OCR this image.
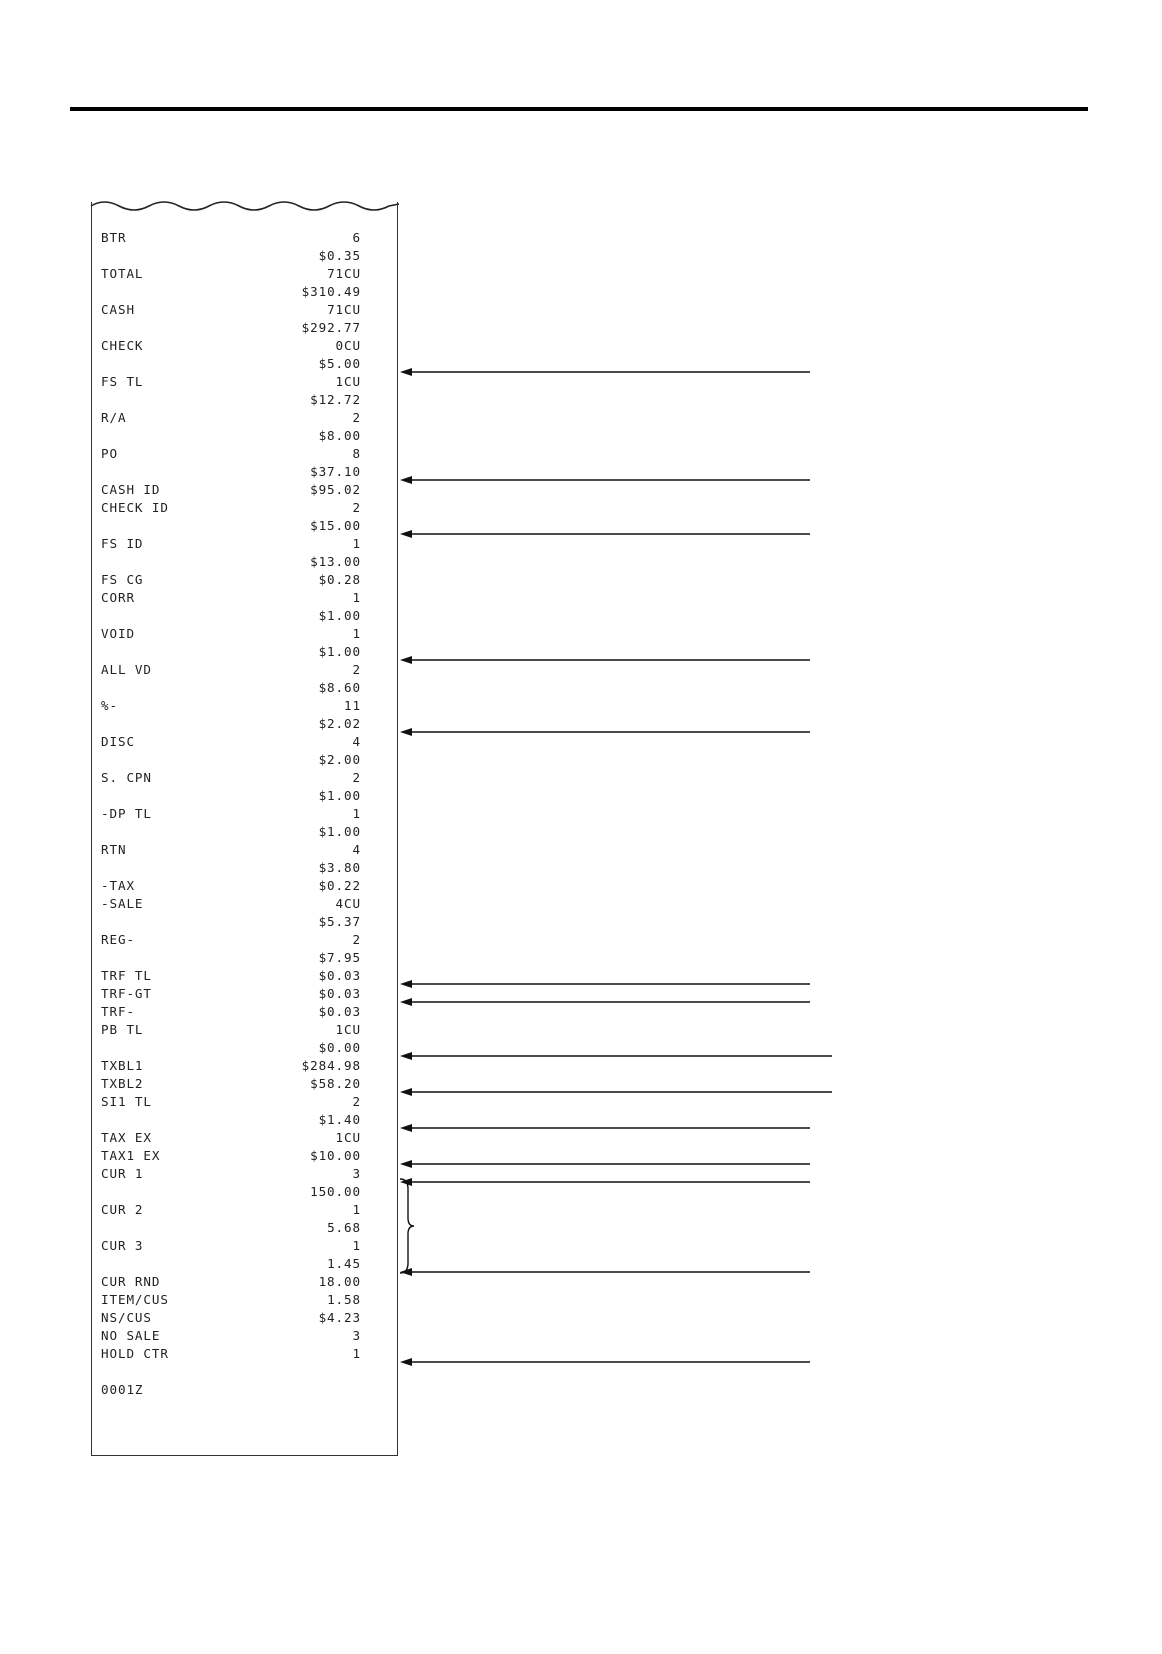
BTR	6
$0.35
TOTAL	71CU
$310.49
CASH	71CU
$292.77
CHECK	0CU
$5.00
FS TL	1CU
$12.72
R/A	2
$8.00
PO	8
$37.10
CASH ID	$95.02
CHECK ID	2
$15.00
FS ID	1
$13.00
FS CG	$0.28
CORR	1
$1.00
VOID	1
$1.00
ALL VD	2
$8.60
%-	11
$2.02
DISC	4
$2.00
S. CPN	2
$1.00
-DP TL	1
$1.00
RTN	4
$3.80
-TAX	$0.22
-SALE	4CU
$5.37
REG-	2
$7.95
TRF TL	$0.03
TRF-GT	$0.03
TRF-	$0.03
PB TL	1CU
$0.00
TXBL1	$284.98
TXBL2	$58.20
SI1 TL	2
$1.40
TAX EX	1CU
TAX1 EX	$10.00
CUR 1	3
150.00
CUR 2	1
5.68
CUR 3	1
1.45
CUR RND	18.00
ITEM/CUS	1.58
NS/CUS	$4.23
NO SALE	3
HOLD CTR	1
0001Z
